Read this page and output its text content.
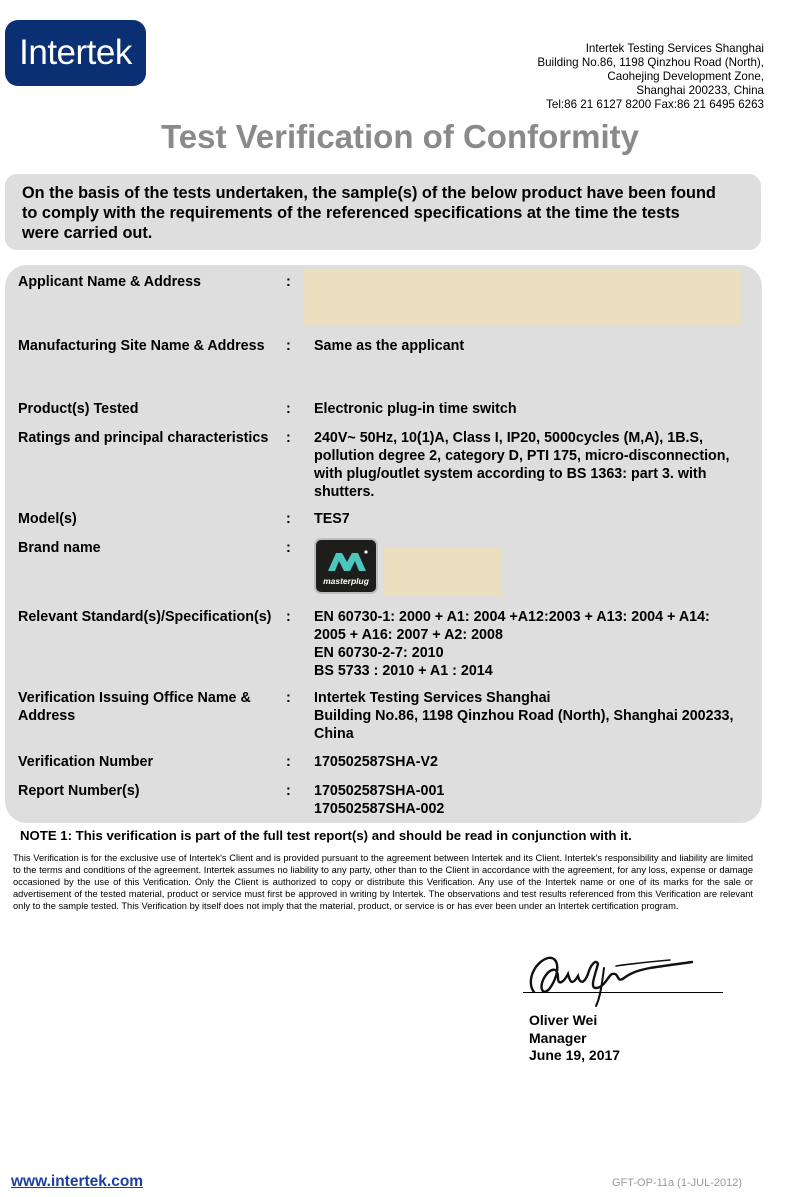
Intertek	Intertek Testing Services Shanghai
Building No.86, 1198 Qinzhou Road (North),
Caohejing Development Zone,
Shanghai 200233, China
Tel:86 21 6127 8200 Fax:86 21 6495 6263
Test Verification of Conformity
On the basis of the tests undertaken, the sample(s) of the below product have been found
to comply with the requirements of the referenced specifications at the time the tests
were carried out.
Applicant Name & Address	:
Manufacturing Site Name & Address	: Same as the applicant
Product(s) Tested	: Electronic plug-in time switch
Ratings and principal characteristics	: 240V~ 50Hz, 10(1)A, Class I, IP20, 5000cycles (M,A), 1B.S,
pollution degree 2, category D, PTI 175, micro-disconnection,
with plug/outlet system according to BS 1363: part 3. with
shutters.
Model(s)	: TES7
Brand name	:
masterplug
Relevant Standard(s)/Specification(s)	: EN 60730-1: 2000 + A1: 2004 +A12:2003 + A13: 2004 + A14:
2005 + A16: 2007 + A2: 2008
EN 60730-2-7: 2010
BS 5733 : 2010 + A1 : 2014
Verification Issuing Office Name & Address
: Intertek Testing Services Shanghai
Building No.86, 1198 Qinzhou Road (North), Shanghai 200233,
China
Verification Number	: 170502587SHA-V2
Report Number(s)	: 170502587SHA-001
170502587SHA-002
NOTE 1: This verification is part of the full test report(s) and should be read in conjunction with it.

This Verification is for the exclusive use of Intertek's Client and is provided pursuant to the agreement between Intertek and its Client. Intertek's responsibility and liability are limited to the terms and conditions of the agreement. Intertek assumes no liability to any party, other than to the Client in accordance with the agreement, for any loss, expense or damage occasioned by the use of this Verification. Only the Client is authorized to copy or distribute this Verification. Any use of the Intertek name or one of its marks for the sale or advertisement of the tested material, product or service must first be approved in writing by Intertek. The observations and test results referenced from this Verification are relevant only to the sample tested. This Verification by itself does not imply that the material, product, or service is or has ever been under an Intertek certification program.

Oliver Wei
Manager
June 19, 2017
www.intertek.com	GFT-OP-11a (1-JUL-2012)
